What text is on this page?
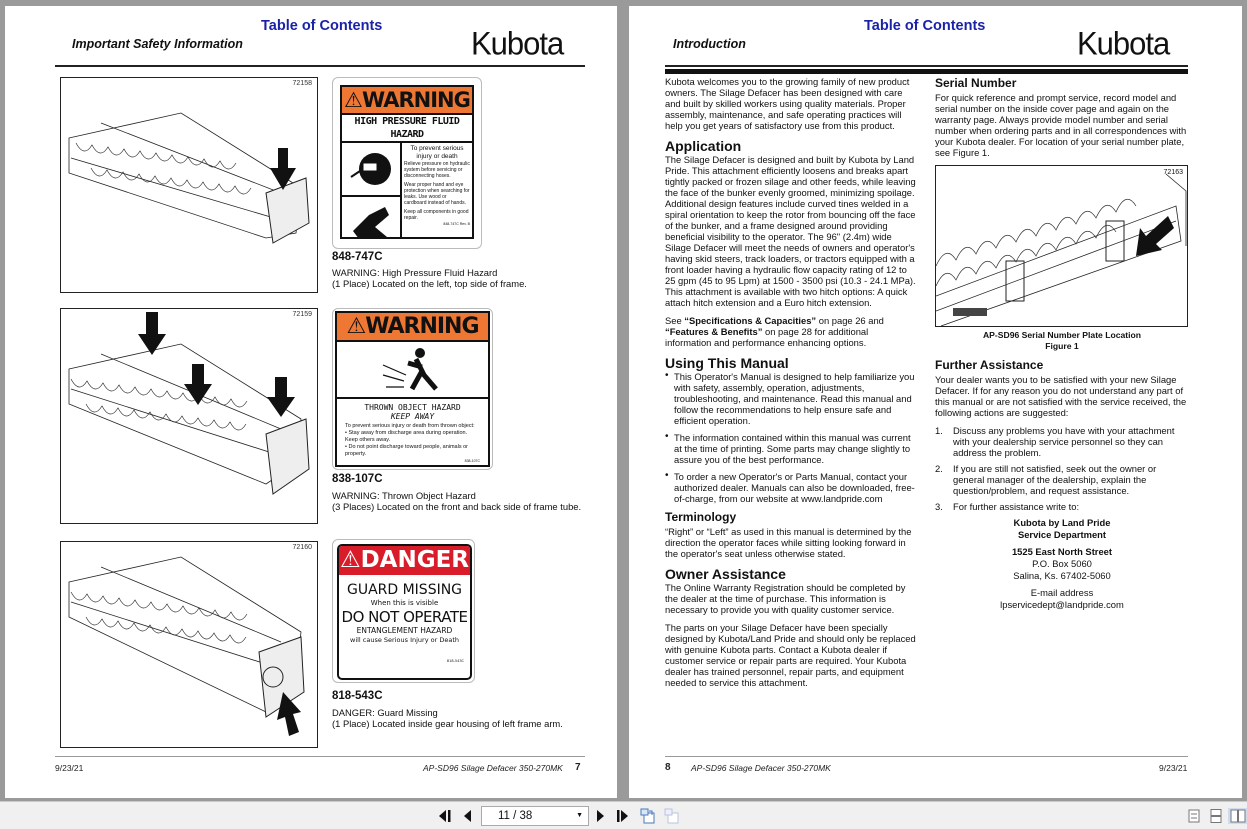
Table of Contents
Important Safety Information	Kubota
72158
⚠WARNING
HIGH PRESSURE FLUID HAZARD
To prevent serious injury or death
Relieve pressure on hydraulic system before servicing or disconnecting hoses.
Wear proper hand and eye protection when searching for leaks. Use wood or cardboard instead of hands.
Keep all components in good repair.
848-747C Rev. B
848-747C
WARNING: High Pressure Fluid Hazard
(1 Place) Located on the left, top side of frame.
72159	⚠WARNING
THROWN OBJECT HAZARD
KEEP AWAY
To prevent serious injury or death from thrown object:
• Stay away from discharge area during operation. Keep others away.
• Do not point discharge toward people, animals or property.
838-107C
838-107C
WARNING: Thrown Object Hazard
(3 Places) Located on the front and back side of frame tube.
72160 ⚠DANGER
GUARD MISSING
When this is visible
DO NOT OPERATE
ENTANGLEMENT HAZARD
will cause Serious Injury or Death
818-543C
818-543C
DANGER: Guard Missing
(1 Place) Located inside gear housing of left frame arm.
9/23/21	AP-SD96 Silage Defacer 350-270MK 7
Table of Contents
Introduction	Kubota

Kubota welcomes you to the growing family of new product owners. The Silage Defacer has been designed with care and built by skilled workers using quality materials. Proper assembly, maintenance, and safe operating practices will help you get years of satisfactory use from this product.

Application

The Silage Defacer is designed and built by Kubota by Land Pride. This attachment efficiently loosens and breaks apart tightly packed or frozen silage and other feeds, while leaving the face of the bunker evenly groomed, minimizing spoilage. Additional design features include curved tines welded in a spiral orientation to keep the rotor from bouncing off the face of the bunker, and a frame designed around providing beneficial visibility to the operator. The 96" (2.4m) wide Silage Defacer will meet the needs of owners and operator's having skid steers, track loaders, or tractors equipped with a front loader having a hydraulic flow capacity rating of 12 to 25 gpm (45 to 95 Lpm) at 1500 - 3500 psi (10.3 - 24.1 MPa). This attachment is available with two hitch options: A quick attach hitch extension and a Euro hitch extension.

See “Specifications & Capacities” on page 26 and “Features & Benefits” on page 28 for additional information and performance enhancing options.

Using This Manual
• This Operator's Manual is designed to help familiarize you with safety, assembly, operation, adjustments, troubleshooting, and maintenance. Read this manual and follow the recommendations to help ensure safe and efficient operation.
• The information contained within this manual was current at the time of printing. Some parts may change slightly to assure you of the best performance.
• To order a new Operator's or Parts Manual, contact your authorized dealer. Manuals can also be downloaded, free-of-charge, from our website at www.landpride.com
Terminology

“Right” or “Left” as used in this manual is determined by the direction the operator faces while sitting looking forward in the operator's seat unless otherwise stated.

Owner Assistance

The Online Warranty Registration should be completed by the dealer at the time of purchase. This information is necessary to provide you with quality customer service.

The parts on your Silage Defacer have been specially designed by Kubota/Land Pride and should only be replaced with genuine Kubota parts. Contact a Kubota dealer if customer service or repair parts are required. Your Kubota dealer has trained personnel, repair parts, and equipment needed to service this attachment.

Serial Number

For quick reference and prompt service, record model and serial number on the inside cover page and again on the warranty page. Always provide model number and serial number when ordering parts and in all correspondences with your Kubota dealer. For location of your serial number plate, see Figure 1.

72163
AP-SD96 Serial Number Plate Location
Figure 1
Further Assistance

Your dealer wants you to be satisfied with your new Silage Defacer. If for any reason you do not understand any part of this manual or are not satisfied with the service received, the following actions are suggested:

1. Discuss any problems you have with your attachment with your dealership service personnel so they can address the problem.
2. If you are still not satisfied, seek out the owner or general manager of the dealership, explain the question/problem, and request assistance.
3. For further assistance write to:
Kubota by Land Pride
Service Department
1525 East North Street
P.O. Box 5060
Salina, Ks. 67402-5060
E-mail address
lpservicedept@landpride.com
8 AP-SD96 Silage Defacer 350-270MK	9/23/21
11 / 38	▼
